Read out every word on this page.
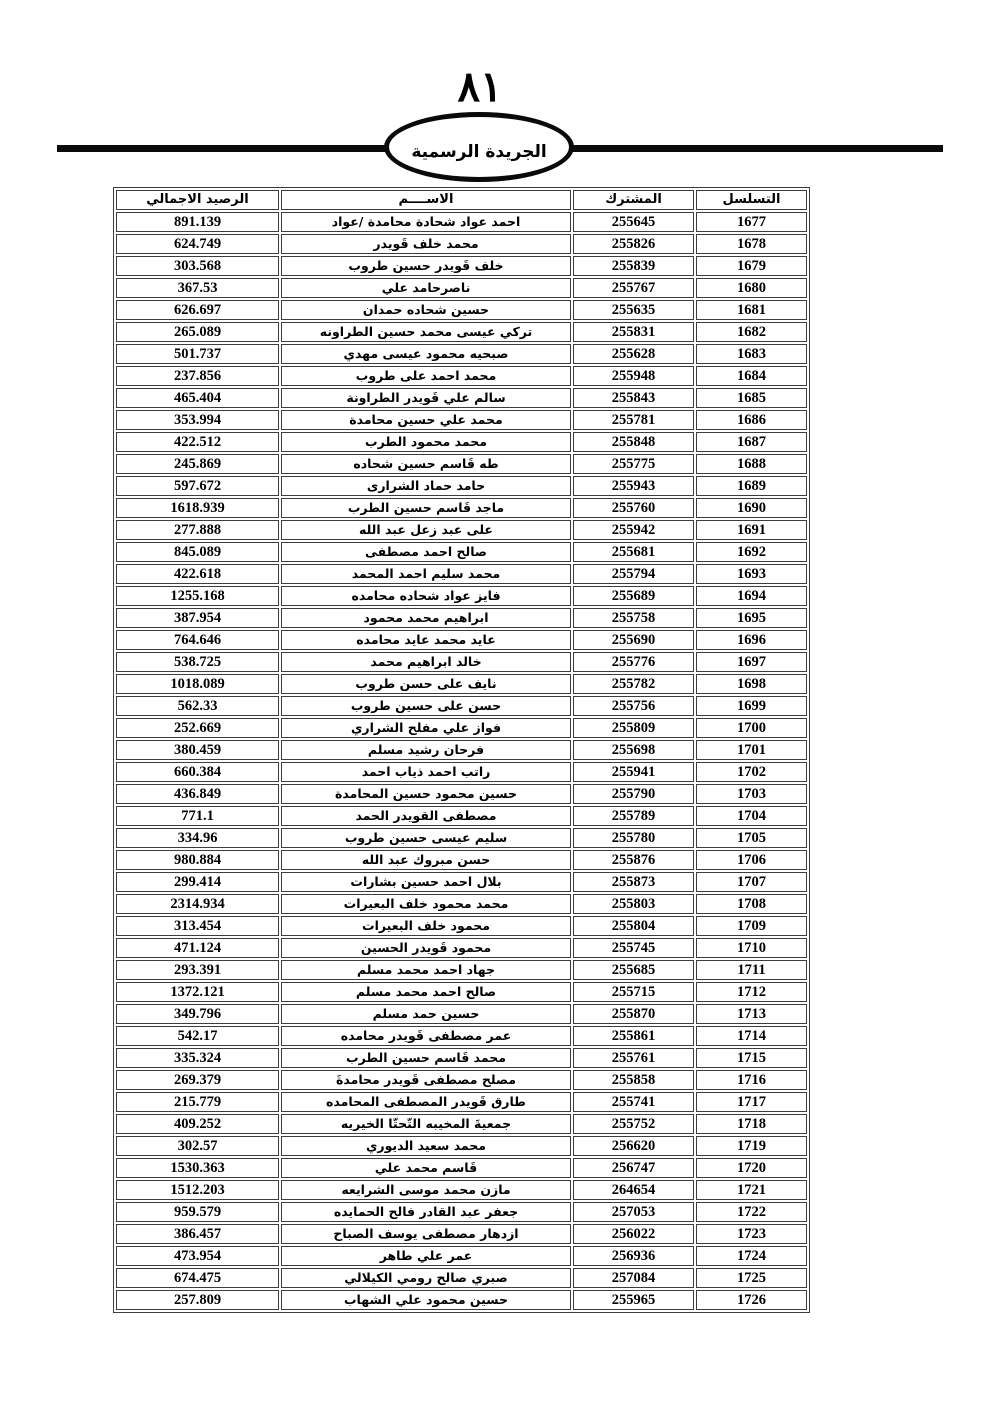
٨١
الجريدة الرسمية
التسلسل	المشترك	الاســــم	الرصيد الاجمالي
1677	255645	احمد عواد شحادة محامدة /عواد	891.139
1678	255826	محمد خلف قَويدر	624.749
1679	255839	خلف قَويدر حسين طروب	303.568
1680	255767	ناصرحامد علي	367.53
1681	255635	حسين شحاده حمدان	626.697
1682	255831	تركي عيسى محمد حسين الطراونه	265.089
1683	255628	صبحيه محمود عيسى مهدي	501.737
1684	255948	محمد احمد على طروب	237.856
1685	255843	سالم علي قَويدر الطراونة	465.404
1686	255781	محمد علي حسين محامدة	353.994
1687	255848	محمد محمود الطرب	422.512
1688	255775	طه قَاسم حسين شحاده	245.869
1689	255943	حامد حماد الشرارى	597.672
1690	255760	ماجد قَاسم حسين الطرب	1618.939
1691	255942	على عبد زعل عبد الله	277.888
1692	255681	صالح احمد مصطفى	845.089
1693	255794	محمد سليم احمد المحمد	422.618
1694	255689	فايز عواد شحاده محامده	1255.168
1695	255758	ابراهيم محمد محمود	387.954
1696	255690	عايد محمد عايد محامده	764.646
1697	255776	خالد ابراهيم محمد	538.725
1698	255782	نايف على حسن طروب	1018.089
1699	255756	حسن على حسين طروب	562.33
1700	255809	فواز علي مفلح الشراري	252.669
1701	255698	فرحان رشيد مسلم	380.459
1702	255941	راتب احمد ذياب احمد	660.384
1703	255790	حسين محمود حسين المحامدة	436.849
1704	255789	مصطفى القويدر الحمد	771.1
1705	255780	سليم عيسى حسين طروب	334.96
1706	255876	حسن مبروك عبد الله	980.884
1707	255873	بلال احمد حسين بشارات	299.414
1708	255803	محمد محمود خلف البعيرات	2314.934
1709	255804	محمود خلف البعيرات	313.454
1710	255745	محمود قَويدر الحسين	471.124
1711	255685	جهاد احمد محمد مسلم	293.391
1712	255715	صالح احمد محمد مسلم	1372.121
1713	255870	حسين حمد مسلم	349.796
1714	255861	عمر مصطفى قَويدر محامده	542.17
1715	255761	محمد قَاسم حسين الطرب	335.324
1716	255858	مصلح مصطفى قَويدر محامدةَ	269.379
1717	255741	طارق قَويدر المصطفى المحامده	215.779
1718	255752	جمعيةَ المخيبه التّحتّا الخيريه	409.252
1719	256620	محمد سعيد الديوري	302.57
1720	256747	قَاسم محمد علي	1530.363
1721	264654	مازن محمد موسى الشرايعه	1512.203
1722	257053	جعفر عبد القادر فالح الحمايده	959.579
1723	256022	ازدهار مصطفى يوسف الصباح	386.457
1724	256936	عمر علي طاهر	473.954
1725	257084	صبري صالح رومي الكيلالي	674.475
1726	255965	حسين محمود علي الشهاب	257.809
